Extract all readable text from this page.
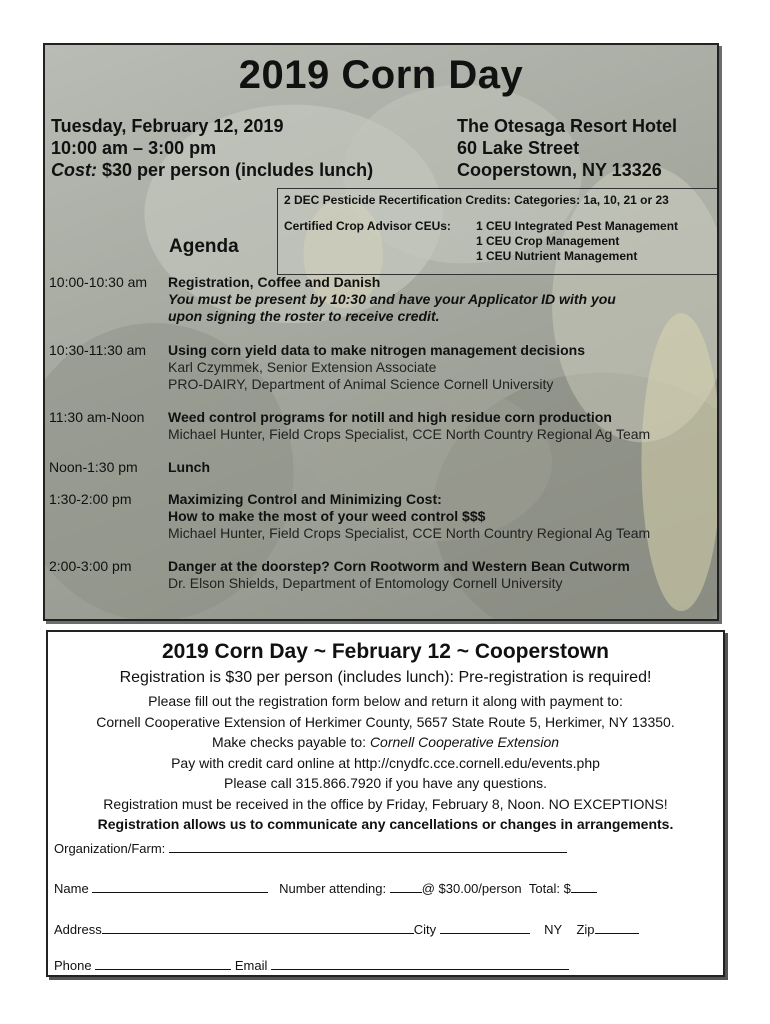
2019 Corn Day
Tuesday, February 12, 2019
10:00 am – 3:00 pm
Cost: $30 per person (includes lunch)
The Otesaga Resort Hotel
60 Lake Street
Cooperstown, NY 13326
2 DEC Pesticide Recertification Credits: Categories: 1a, 10, 21 or 23
Certified Crop Advisor CEUs:	1 CEU Integrated Pest Management
1 CEU Crop Management
1 CEU Nutrient Management
Agenda
10:00-10:30 am	Registration, Coffee and Danish
You must be present by 10:30 and have your Applicator ID with you
upon signing the roster to receive credit.
10:30-11:30 am	Using corn yield data to make nitrogen management decisions
Karl Czymmek, Senior Extension Associate
PRO-DAIRY, Department of Animal Science Cornell University
11:30 am-Noon	Weed control programs for notill and high residue corn production
Michael Hunter, Field Crops Specialist, CCE North Country Regional Ag Team
Noon-1:30 pm	Lunch
1:30-2:00 pm	Maximizing Control and Minimizing Cost:
How to make the most of your weed control $$$
Michael Hunter, Field Crops Specialist, CCE North Country Regional Ag Team
2:00-3:00 pm	Danger at the doorstep? Corn Rootworm and Western Bean Cutworm
Dr. Elson Shields, Department of Entomology Cornell University
2019 Corn Day ~ February 12 ~ Cooperstown
Registration is $30 per person (includes lunch): Pre-registration is required!
Please fill out the registration form below and return it along with payment to:
Cornell Cooperative Extension of Herkimer County, 5657 State Route 5, Herkimer, NY 13350.
Make checks payable to: Cornell Cooperative Extension
Pay with credit card online at http://cnydfc.cce.cornell.edu/events.php
Please call 315.866.7920 if you have any questions.
Registration must be received in the office by Friday, February 8, Noon. NO EXCEPTIONS!
Registration allows us to communicate any cancellations or changes in arrangements.
Organization/Farm:
Name	Number attending:	@ $30.00/person Total: $
Address	City	NY Zip
Phone	Email
